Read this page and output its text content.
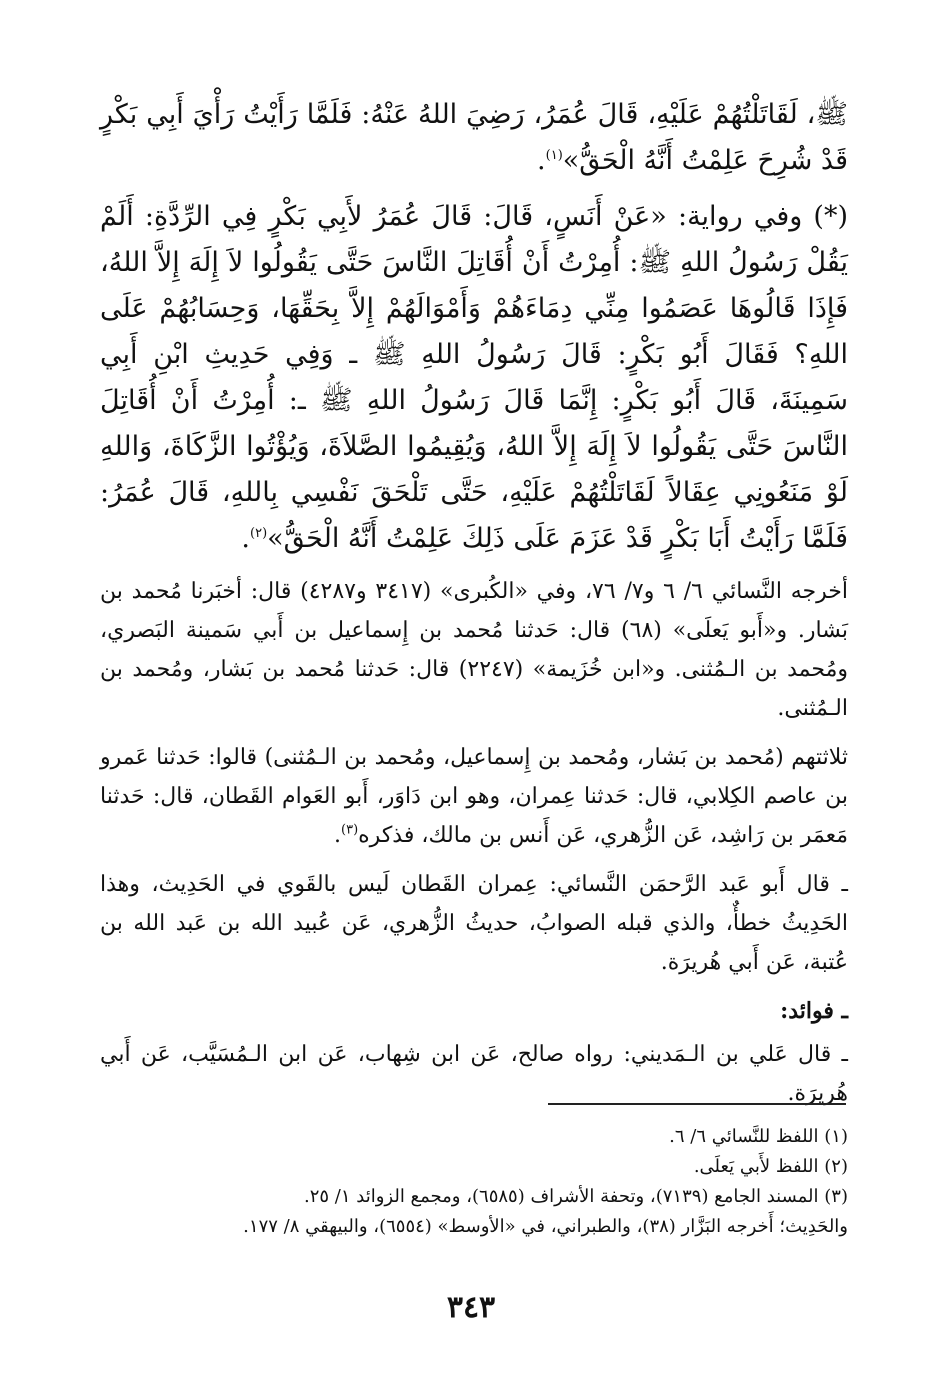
ﷺ، لَقَاتَلْتُهُمْ عَلَيْهِ، قَالَ عُمَرُ، رَضِيَ اللهُ عَنْهُ: فَلَمَّا رَأَيْتُ رَأْيَ أَبِي بَكْرٍ قَدْ شُرِحَ عَلِمْتُ أَنَّهُ الْحَقُّ»$^{(١)}$.

(*) وفي رواية: «عَنْ أَنَسٍ، قَالَ: قَالَ عُمَرُ لأَبِي بَكْرٍ فِي الرِّدَّةِ: أَلَمْ يَقُلْ رَسُولُ اللهِ ﷺ: أُمِرْتُ أَنْ أُقَاتِلَ النَّاسَ حَتَّى يَقُولُوا لاَ إِلَهَ إِلاَّ اللهُ، فَإِذَا قَالُوهَا عَصَمُوا مِنِّي دِمَاءَهُمْ وَأَمْوَالَهُمْ إِلاَّ بِحَقِّهَا، وَحِسَابُهُمْ عَلَى اللهِ؟ فَقَالَ أَبُو بَكْرٍ: قَالَ رَسُولُ اللهِ ﷺ ـ وَفِي حَدِيثِ ابْنِ أَبِي سَمِينَةَ، قَالَ أَبُو بَكْرٍ: إِنَّمَا قَالَ رَسُولُ اللهِ ﷺ ـ: أُمِرْتُ أَنْ أُقَاتِلَ النَّاسَ حَتَّى يَقُولُوا لاَ إِلَهَ إِلاَّ اللهُ، وَيُقِيمُوا الصَّلاَةَ، وَيُؤْتُوا الزَّكَاةَ، وَاللهِ لَوْ مَنَعُونِي عِقَالاً لَقَاتَلْتُهُمْ عَلَيْهِ، حَتَّى تَلْحَقَ نَفْسِي بِاللهِ، قَالَ عُمَرُ: فَلَمَّا رَأَيْتُ أَبَا بَكْرٍ قَدْ عَزَمَ عَلَى ذَلِكَ عَلِمْتُ أَنَّهُ الْحَقُّ»$^{(٢)}$.

أخرجه النَّسائي ٦/ ٦ و٧/ ٧٦، وفي «الكُبرى» (٣٤١٧ و٤٢٨٧) قال: أخبَرنا مُحمد بن بَشار. و«أَبو يَعلَى» (٦٨) قال: حَدثنا مُحمد بن إِسماعيل بن أَبي سَمينة البَصري، ومُحمد بن الـمُثنى. و«ابن خُزَيمة» (٢٢٤٧) قال: حَدثنا مُحمد بن بَشار، ومُحمد بن الـمُثنى.

ثلاثتهم (مُحمد بن بَشار، ومُحمد بن إِسماعيل، ومُحمد بن الـمُثنى) قالوا: حَدثنا عَمرو بن عاصم الكِلابي، قال: حَدثنا عِمران، وهو ابن دَاوَر، أَبو العَوام القَطان، قال: حَدثنا مَعمَر بن رَاشِد، عَن الزُّهري، عَن أَنس بن مالك، فذكره$^{(٣)}$.

ـ قال أَبو عَبد الرَّحمَن النَّسائي: عِمران القَطان لَيس بالقَوي في الحَدِيث، وهذا الحَدِيثُ خطأٌ، والذي قبله الصوابُ، حديثُ الزُّهري، عَن عُبيد الله بن عَبد الله بن عُتبة، عَن أَبي هُريرَة.

ـ فوائد:

ـ قال عَلي بن الـمَديني: رواه صالح، عَن ابن شِهاب، عَن ابن الـمُسَيَّب، عَن أَبي هُريرَة.

(١) اللفظ للنَّسائي ٦/ ٦.

(٢) اللفظ لأَبي يَعلَى.

(٣) المسند الجامع (٧١٣٩)، وتحفة الأشراف (٦٥٨٥)، ومجمع الزوائد ١/ ٢٥.

والحَدِيث؛ أَخرجه البَزَّار (٣٨)، والطبراني، في «الأوسط» (٦٥٥٤)، والبيهقي ٨/ ١٧٧.

٣٤٣
